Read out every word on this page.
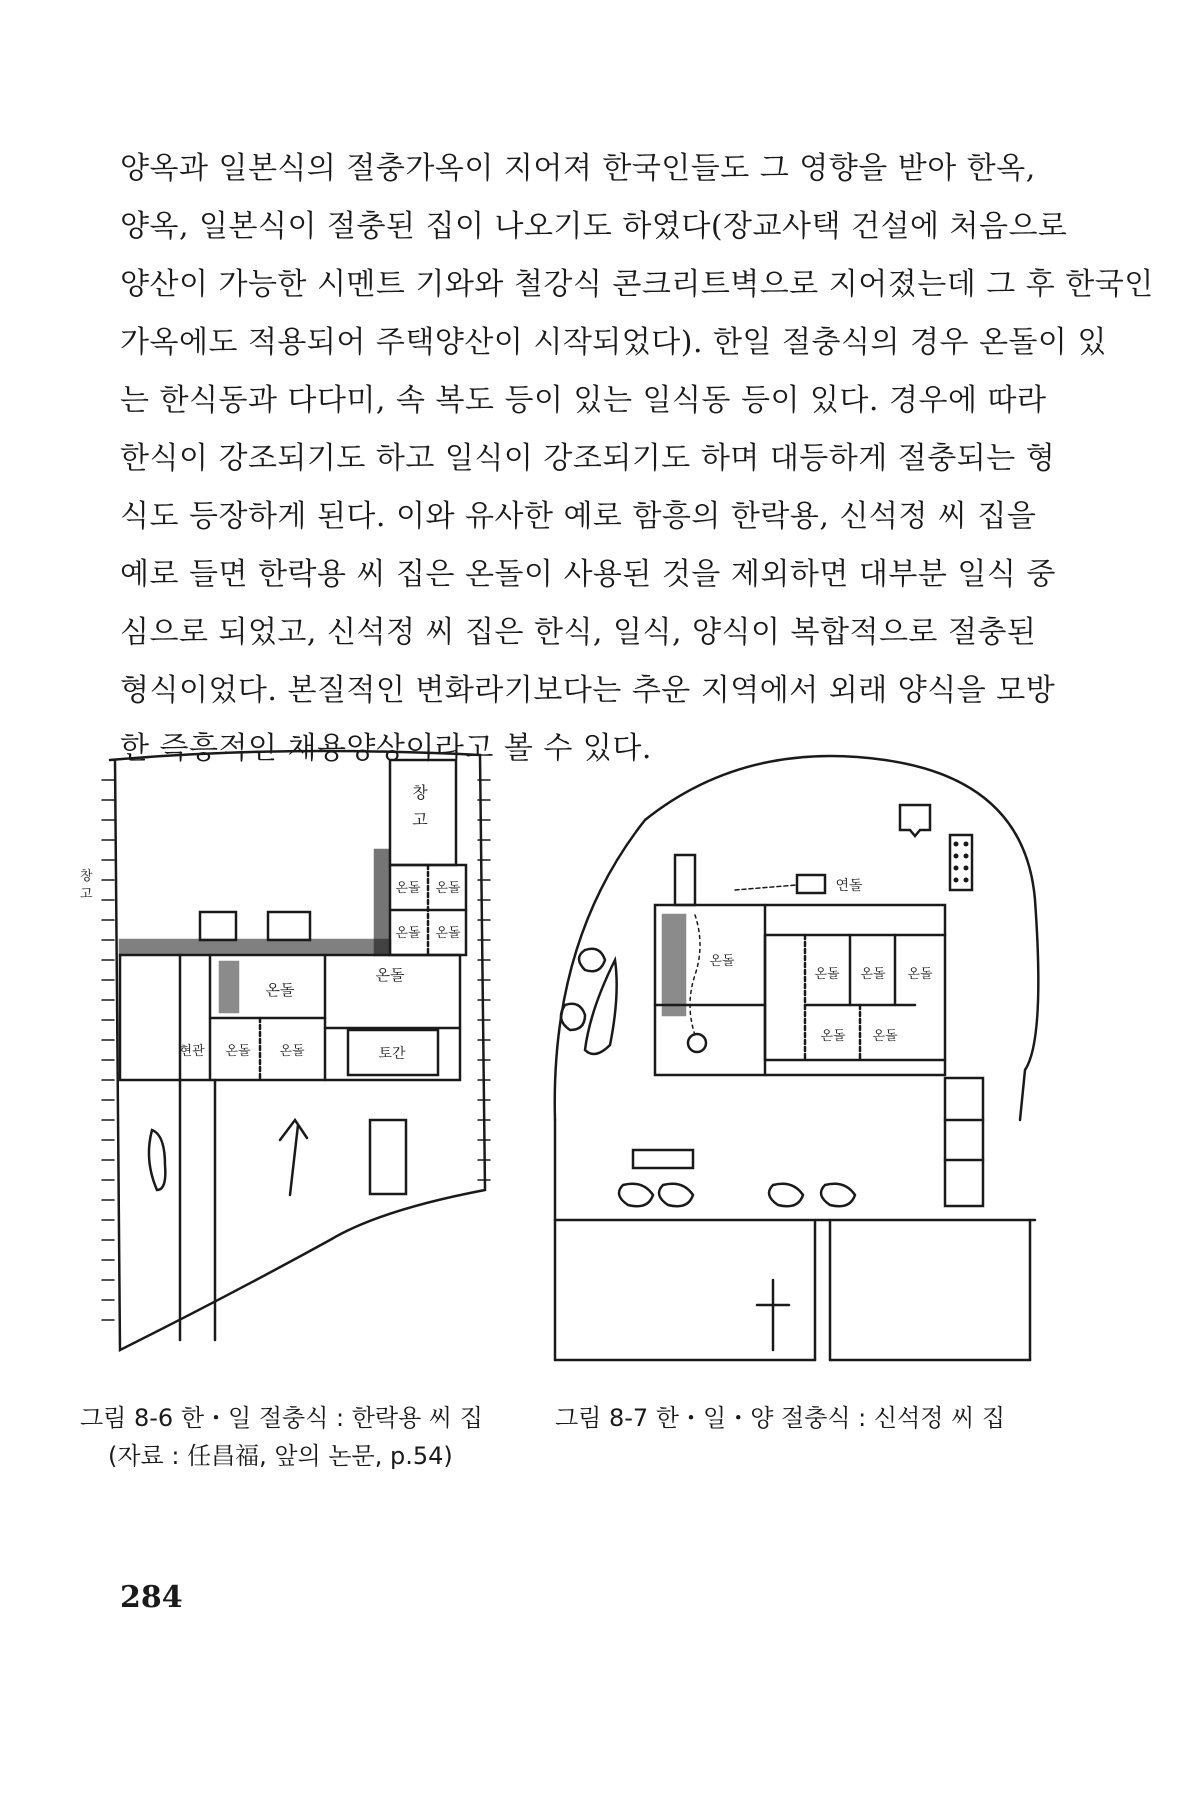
양옥과 일본식의 절충가옥이 지어져 한국인들도 그 영향을 받아 한옥,
양옥, 일본식이 절충된 집이 나오기도 하였다(장교사택 건설에 처음으로
양산이 가능한 시멘트 기와와 철강식 콘크리트벽으로 지어졌는데 그 후 한국인
가옥에도 적용되어 주택양산이 시작되었다). 한일 절충식의 경우 온돌이 있
는 한식동과 다다미, 속 복도 등이 있는 일식동 등이 있다. 경우에 따라
한식이 강조되기도 하고 일식이 강조되기도 하며 대등하게 절충되는 형
식도 등장하게 된다. 이와 유사한 예로 함흥의 한락용, 신석정 씨 집을
예로 들면 한락용 씨 집은 온돌이 사용된 것을 제외하면 대부분 일식 중
심으로 되었고, 신석정 씨 집은 한식, 일식, 양식이 복합적으로 절충된
형식이었다. 본질적인 변화라기보다는 추운 지역에서 외래 양식을 모방
한 즉흥적인 채용양상이라고 볼 수 있다.
창
고
온돌 온돌
온돌 온돌
온돌
온돌
현관 온돌 온돌	토간
창
고
그림 8-6 한・일 절충식 : 한락용 씨 집
(자료 : 任昌福, 앞의 논문, p.54)
온돌
온돌 온돌 온돌
온돌 온돌
연돌
그림 8-7 한・일・양 절충식 : 신석정 씨 집
284
